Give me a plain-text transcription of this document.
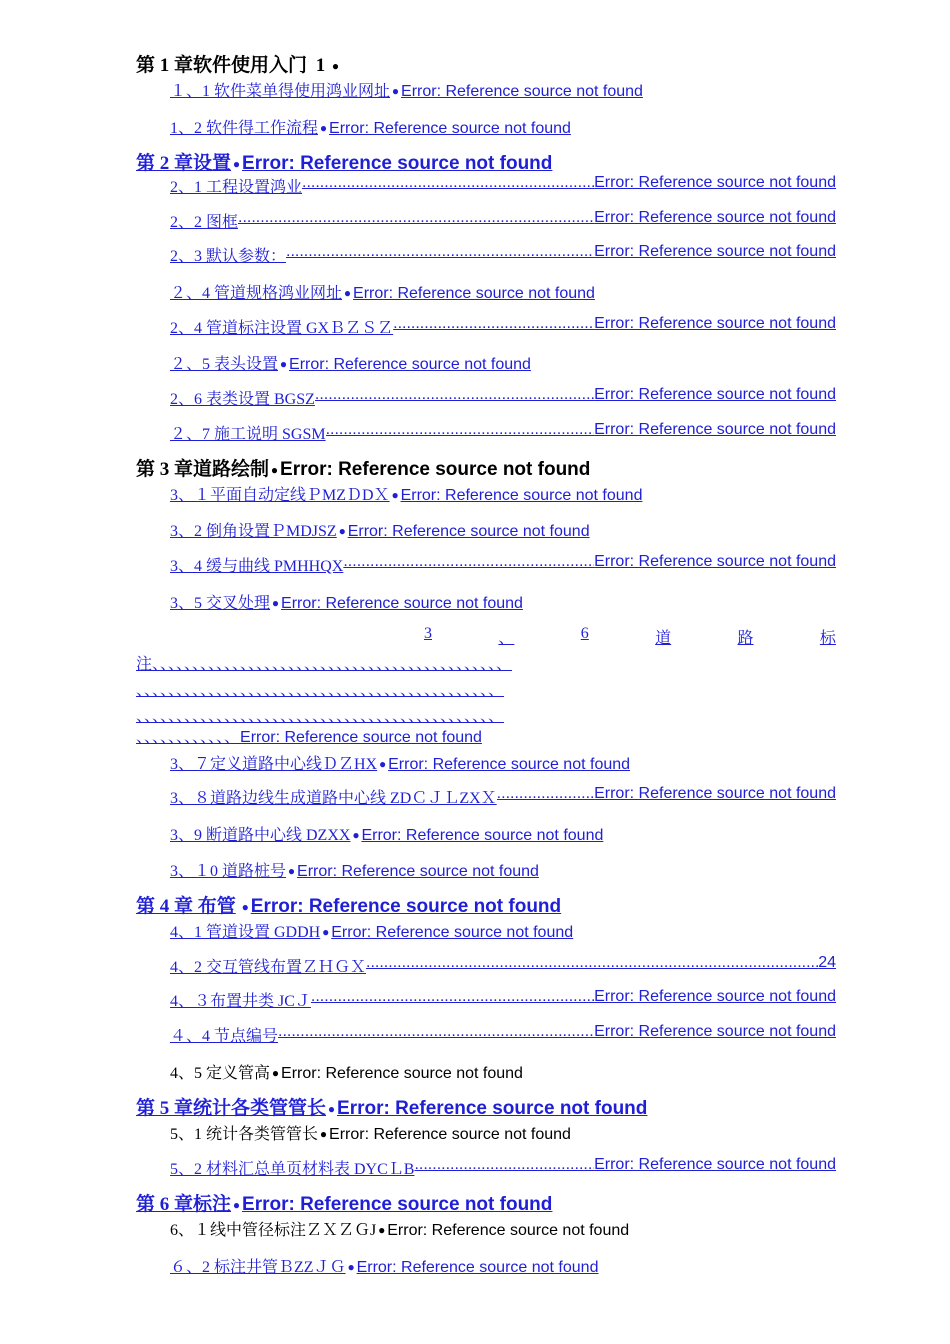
第 1 章软件使用入门 1 ●
１、1 软件菜单得使用鸿业网址 ● Error: Reference source not found
1、2 软件得工作流程 ● Error: Reference source not found
第 2 章设置 ●Error: Reference source not found
2、1 工程设置鸿业 .....	Error: Reference source not found
2、2 图框 .....	Error: Reference source not found
2、3 默认参数： .....	Error: Reference source not found
２、4 管道规格鸿业网址 ● Error: Reference source not found
2、4 管道标注设置 GXＢＺＳＺ .....	Error: Reference source not found
２、5 表头设置 ● Error: Reference source not found
2、6 表类设置 BGSZ .....	Error: Reference source not found
２、7 施工说明 SGSM .....	Error: Reference source not found
第 3 章道路绘制 ●Error: Reference source not found
3、１平面自动定线ＰMZＤDＸ ● Error: Reference source not found
3、2 倒角设置ＰMDJSZ ● Error: Reference source not found
3、4 缓与曲线 PMHHQX .....	Error: Reference source not found
3、5 交叉处理 ● Error: Reference source not found
3	、	6	道	路	标
注、、、、、、、、、、、、、、、、、、、、、、、、、、、、、、、、、、、、、、、、、、、、
、、、、、、、、、、、、、、、、、、、、、、、、、、、、、、、、、、、、、、、、、、、、、
、、、、、、、、、、、、、、、、、、、、、、、、、、、、、、、、、、、、、、、、、、、、、
、、、、、、、、、、、、Error: Reference source not found
3、７定义道路中心线ＤＺHX ● Error: Reference source not found
3、８道路边线生成道路中心线 ZDＣＪＬZXＸ .....	Error: Reference source not found
3、9 断道路中心线 DZXX ● Error: Reference source not found
3、１0 道路桩号 ● Error: Reference source not found
第 4 章 布管 ●Error: Reference source not found
4、1 管道设置 GDDH ● Error: Reference source not found
4、2 交互管线布置ＺＨＧＸ .....	24
4、３布置井类 JCＪ .....	Error: Reference source not found
４、4 节点编号 .....	Error: Reference source not found
4、5 定义管高 ● Error: Reference source not found
第 5 章统计各类管管长 ●Error: Reference source not found
5、1 统计各类管管长 ● Error: Reference source not found
5、2 材料汇总单页材料表 DYCＬB .....	Error: Reference source not found
第 6 章标注 ●Error: Reference source not found
6、１线中管径标注ＺＸＺＧJ ● Error: Reference source not found
６、2 标注井管ＢZZＪＧ ● Error: Reference source not found
